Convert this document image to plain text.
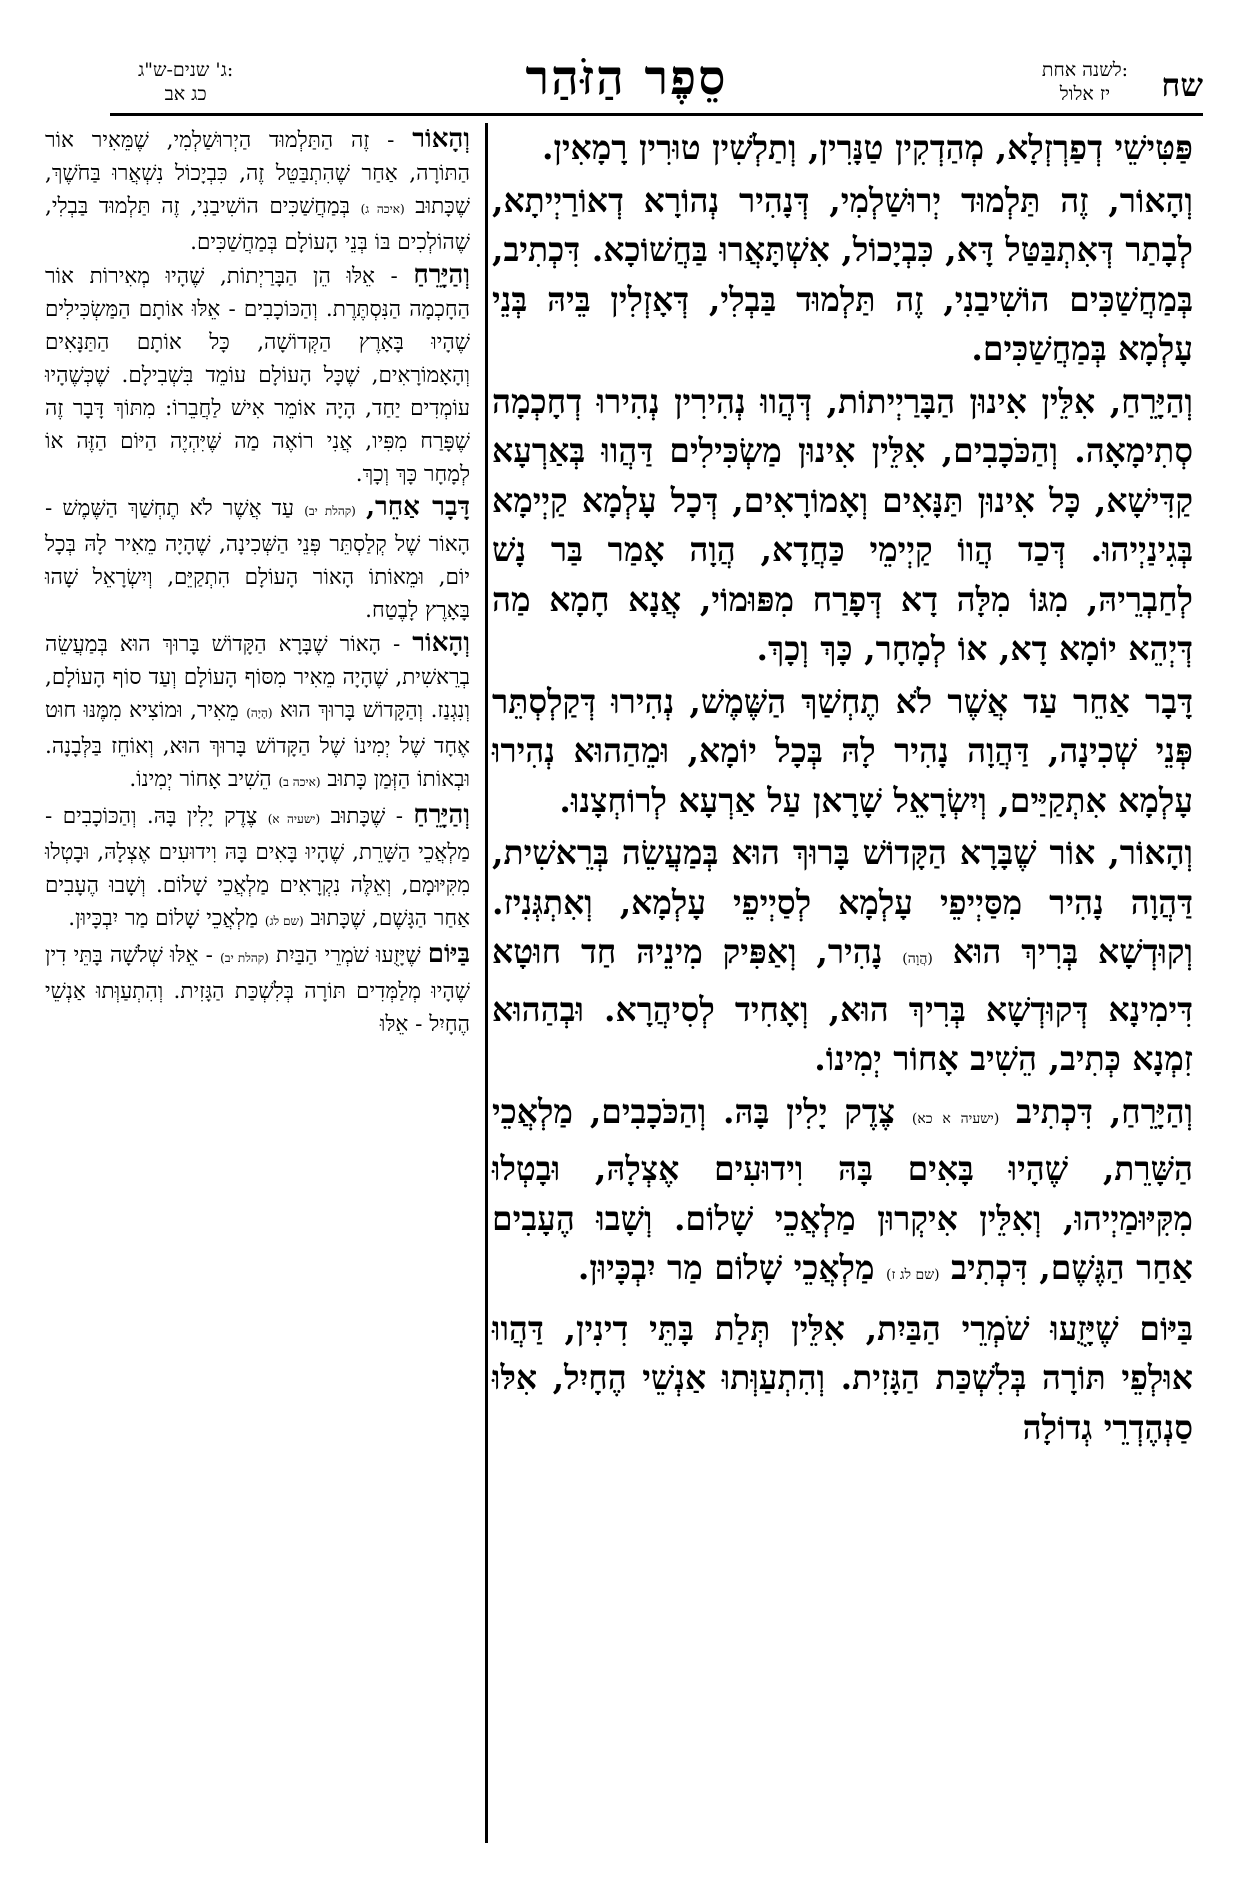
שח
לשנה אחת:
יז אלול
סֵפֶר הַזֹּהַר
ג' שנים-ש"ג:
כג אב

פַּטִּישֵׁי דְפַרְזְלָא, מְהַדְקִין טַנָּרִין, וְתַלְשִׁין טוּרִין רָמָאִין.

וְהָאוֹר, זֶה תַּלְמוּד יְרוּשַׁלְמִי, דְּנָהִיר נְהוֹרָא דְאוֹרַיְיתָא, לְבָתַר דְּאִתְבַּטַּל דָּא, כִּבְיָכוֹל, אִשְׁתָּאֲרוּ בַּחֲשׁוֹכָא. דִּכְתִיב, בְּמַחֲשַׁכִּים הוֹשִׁיבַנִי, זֶה תַּלְמוּד בַּבְלִי, דְּאָזְלִין בֵּיהּ בְּנֵי עָלְמָא בְּמַחֲשַׁכִּים.

וְהַיָּרֵחַ, אִלֵּין אִינוּן הַבָּרַיְיתוֹת, דְּהֲווּ נְהִירִין נְהִירוּ דְחָכְמָה סְתִימָאָה. וְהַכֹּכָבִים, אִלֵּין אִינוּן מַשְׂכִּילִים דַּהֲווּ בְּאַרְעָא קַדִּישָׁא, כָּל אִינוּן תַּנָּאִים וְאָמוֹרָאִים, דְּכָל עָלְמָא קַיְימָא בְּגִינַיְיהוּ. דְּכַד הֲווֹ קַיְימֵי כַּחֲדָא, הֲוָה אָמַר בַּר נָשׁ לְחַבְרֵיהּ, מִגּוֹ מִלָּה דָא דְּפָרַח מִפּוּמוֹי, אֲנָא חָמָא מַה דְּיְהֵא יוֹמָא דָא, אוֹ לְמָחָר, כָּךְ וְכָךְ.

דָּבָר אַחֵר עַד אֲשֶׁר לֹא תֶחְשַׁךְ הַשֶּׁמֶשׁ, נְהִירוּ דְּקַלְסְתֵּר פְּנֵי שְׁכִינָה, דַּהֲוָה נָהִיר לָהּ בְּכָל יוֹמָא, וּמֵהַהוּא נְהִירוּ עָלְמָא אִתְקַיַּים, וְיִשְׂרָאֵל שָׁרָאן עַל אַרְעָא לְרוֹחְצָנוּ.

וְהָאוֹר, אוֹר שֶׁבָּרָא הַקָּדוֹשׁ בָּרוּךְ הוּא בְּמַעֲשֵׂה בְּרֵאשִׁית, דַּהֲוָה נָהִיר מִסַּיְיפֵי עָלְמָא לְסַיְיפֵי עָלְמָא, וְאִתְגְּנִיז. וְקוּדְשָׁא בְּרִיךְ הוּא (הֲוָה) נָהִיר, וְאַפִּיק מִינֵיהּ חַד חוּטָא דִּימִינָא דְּקוּדְשָׁא בְּרִיךְ הוּא, וְאָחִיד לְסִיהֲרָא. וּבְהַהוּא זִמְנָא כְּתִיב, הֵשִׁיב אָחוֹר יְמִינוֹ.

וְהַיָּרֵחַ, דִּכְתִיב (ישעיה א כא) צֶדֶק יָלִין בָּהּ. וְהַכֹּכָבִים, מַלְאֲכֵי הַשָּׁרֵת, שֶׁהָיוּ בָּאִים בָּהּ וִידוּעִים אֶצְלָהּ, וּבָטְלוּ מִקִּיּוּמַיְיהוּ, וְאִלֵּין אִיקְרוּן מַלְאֲכֵי שָׁלוֹם. וְשָׁבוּ הֶעָבִים אַחַר הַגֶּשֶׁם, דִּכְתִיב (שם לג ז) מַלְאֲכֵי שָׁלוֹם מַר יִבְכָּיוּן.

בַּיּוֹם שֶׁיָּזֻעוּ שֹׁמְרֵי הַבַּיִת, אִלֵּין תְּלַת בָּתֵּי דִינִין, דַּהֲווּ אוּלְפֵי תּוֹרָה בְּלִשְׁכַּת הַגָּזִית. וְהִתְעַוְּתוּ אַנְשֵׁי הֶחָיִל, אִלּוּ סַנְהֶדְרֵי גְדוֹלָה

וְהָאוֹר - זֶה הַתַּלְמוּד הַיְרוּשַׁלְמִי, שֶׁמֵּאִיר אוֹר הַתּוֹרָה, אַחַר שֶׁהִתְבַּטֵּל זֶה, כִּבְיָכוֹל נִשְׁאֲרוּ בַּחֹשֶׁךְ, שֶׁכָּתוּב (איכה ג) בְּמַחֲשַׁכִּים הוֹשִׁיבַנִי, זֶה תַּלְמוּד בַּבְלִי, שֶׁהוֹלְכִים בּוֹ בְּנֵי הָעוֹלָם בְּמַחֲשַׁכִּים.

וְהַיָּרֵחַ - אֵלּוּ הֵן הַבָּרַיְתוֹת, שֶׁהָיוּ מְאִירוֹת אוֹר הַחָכְמָה הַנִּסְתֶּרֶת. וְהַכּוֹכָבִים - אֵלּוּ אוֹתָם הַמַּשְׂכִּילִים שֶׁהָיוּ בָּאָרֶץ הַקְּדוֹשָׁה, כָּל אוֹתָם הַתַּנָּאִים וְהָאָמוֹרָאִים, שֶׁכָּל הָעוֹלָם עוֹמֵד בִּשְׁבִילָם. שֶׁכְּשֶׁהָיוּ עוֹמְדִים יַחַד, הָיָה אוֹמֵר אִישׁ לַחֲבֵרוֹ: מִתּוֹךְ דָּבָר זֶה שֶׁפָּרַח מִפִּיו, אֲנִי רוֹאֶה מַה שֶּׁיִּהְיֶה הַיּוֹם הַזֶּה אוֹ לְמָחָר כָּךְ וְכָךְ.

דָּבָר אַחֵר, (קהלת יב) עַד אֲשֶׁר לֹא תֶחְשַׁךְ הַשֶּׁמֶשׁ - הָאוֹר שֶׁל קְלַסְתֵּר פְּנֵי הַשְּׁכִינָה, שֶׁהָיָה מֵאִיר לָהּ בְּכָל יוֹם, וּמֵאוֹתוֹ הָאוֹר הָעוֹלָם הִתְקַיֵּם, וְיִשְׂרָאֵל שָׁהוּ בָּאָרֶץ לָבֶטַח.

וְהָאוֹר - הָאוֹר שֶׁבָּרָא הַקָּדוֹשׁ בָּרוּךְ הוּא בְּמַעֲשֵׂה בְרֵאשִׁית, שֶׁהָיָה מֵאִיר מִסּוֹף הָעוֹלָם וְעַד סוֹף הָעוֹלָם, וְנִגְנַז. וְהַקָּדוֹשׁ בָּרוּךְ הוּא (הָיָה) מֵאִיר, וּמוֹצִיא מִמֶּנּוּ חוּט אֶחָד שֶׁל יְמִינוֹ שֶׁל הַקָּדוֹשׁ בָּרוּךְ הוּא, וְאוֹחֵז בַּלְּבָנָה. וּבְאוֹתוֹ הַזְּמַן כָּתוּב (איכה ב) הֵשִׁיב אָחוֹר יְמִינוֹ.

וְהַיָּרֵחַ - שֶׁכָּתוּב (ישעיה א) צֶדֶק יָלִין בָּהּ. וְהַכּוֹכָבִים - מַלְאֲכֵי הַשָּׁרֵת, שֶׁהָיוּ בָּאִים בָּהּ וִידוּעִים אֶצְלָהּ, וּבָטְלוּ מִקִּיּוּמָם, וְאֵלֶּה נִקְרָאִים מַלְאֲכֵי שָׁלוֹם. וְשָׁבוּ הֶעָבִים אַחַר הַגָּשֶׁם, שֶׁכָּתוּב (שם לג) מַלְאֲכֵי שָׁלוֹם מַר יִבְכָּיוּן.

בַּיּוֹם שֶׁיָּזֻעוּ שֹׁמְרֵי הַבַּיִת (קהלת יב) - אֵלּוּ שְׁלֹשָׁה בָּתֵּי דִין שֶׁהָיוּ מְלַמְּדִים תּוֹרָה בְּלִשְׁכַּת הַגָּזִית. וְהִתְעַוְּתוּ אַנְשֵׁי הֶחָיִל - אֵלּוּ
